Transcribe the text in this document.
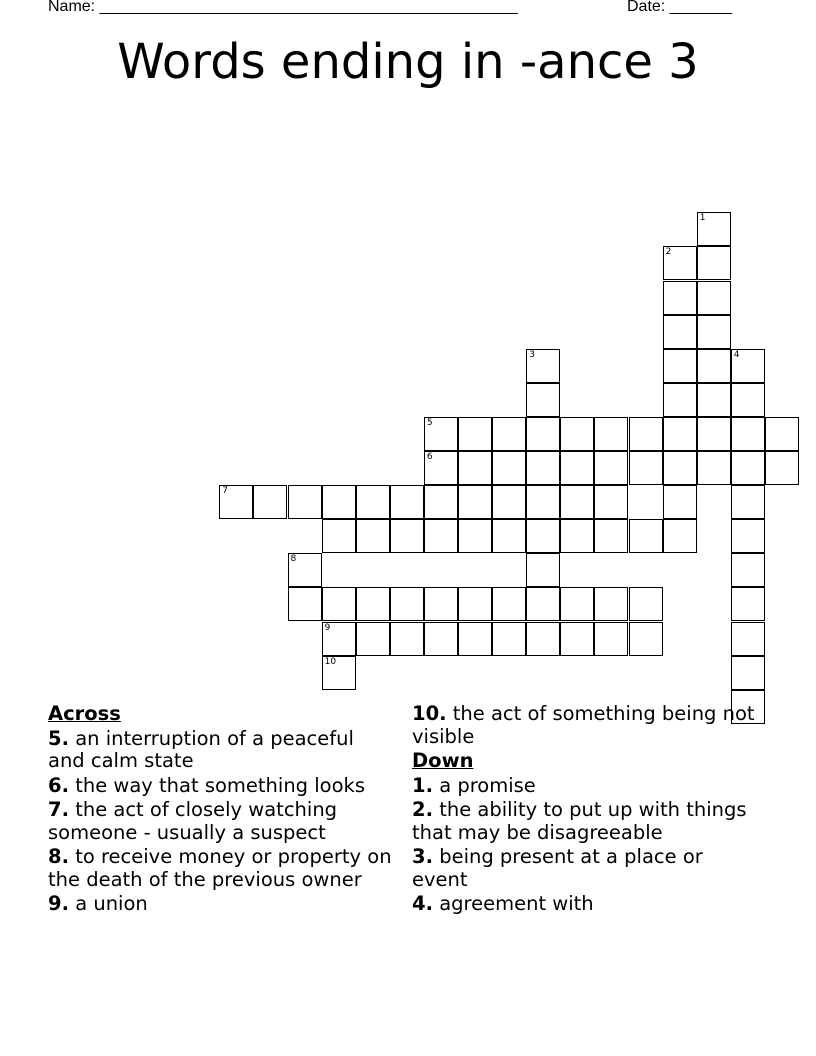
Name: _______________________________________________	Date: _______
Words ending in -ance 3
1
2
3	4
5
6
7
9
8
10
Across
5. an interruption of a peaceful and calm state
6. the way that something looks
7. the act of closely watching someone - usually a suspect
8. to receive money or property on the death of the previous owner
9. a union
10. the act of something being not visible
Down
1. a promise
2. the ability to put up with things that may be disagreeable
3. being present at a place or event
4. agreement with
